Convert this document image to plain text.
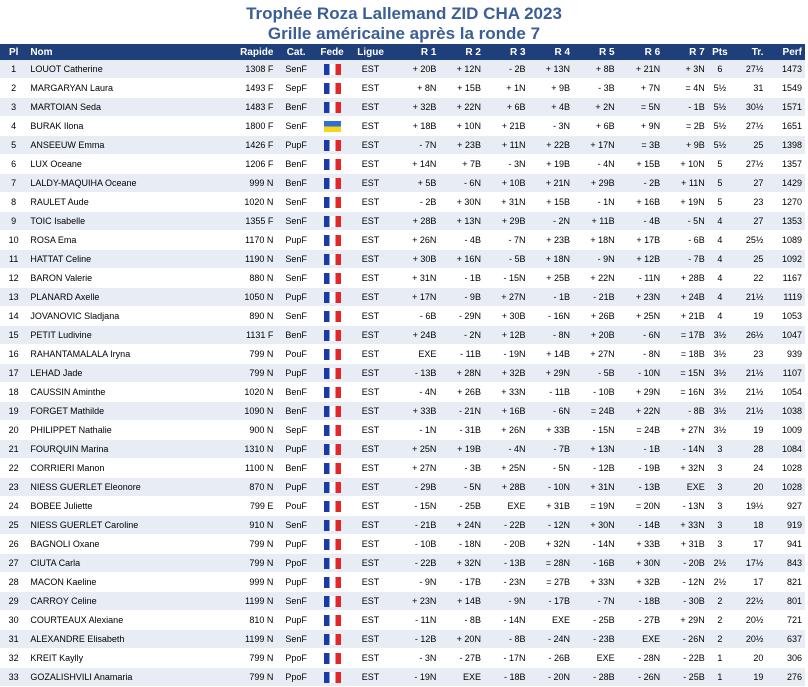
Trophée Roza Lallemand ZID CHA 2023
Grille américaine après la ronde 7
Pl	Nom	Rapide	Cat.	Fede	Ligue	R 1	R 2	R 3	R 4	R 5	R 6	R 7	Pts	Tr.	Perf
1	LOUOT Catherine	1308 F	SenF		EST	+ 20B	+ 12N	- 2B	+ 13N	+ 8B	+ 21N	+ 3N	6	27½	1473
2	MARGARYAN Laura	1493 F	SepF		EST	+ 8N	+ 15B	+ 1N	+ 9B	- 3B	+ 7N	= 4N	5½	31	1549
3	MARTOIAN Seda	1483 F	BenF		EST	+ 32B	+ 22N	+ 6B	+ 4B	+ 2N	= 5N	- 1B	5½	30½	1571
4	BURAK Ilona	1800 F	SenF		EST	+ 18B	+ 10N	+ 21B	- 3N	+ 6B	+ 9N	= 2B	5½	27½	1651
5	ANSEEUW Emma	1426 F	PupF		EST	- 7N	+ 23B	+ 11N	+ 22B	+ 17N	= 3B	+ 9B	5½	25	1398
6	LUX Oceane	1206 F	BenF		EST	+ 14N	+ 7B	- 3N	+ 19B	- 4N	+ 15B	+ 10N	5	27½	1357
7	LALDY-MAQUIHA Oceane	999 N	BenF		EST	+ 5B	- 6N	+ 10B	+ 21N	+ 29B	- 2B	+ 11N	5	27	1429
8	RAULET Aude	1020 N	SenF		EST	- 2B	+ 30N	+ 31N	+ 15B	- 1N	+ 16B	+ 19N	5	23	1270
9	TOIC Isabelle	1355 F	SenF		EST	+ 28B	+ 13N	+ 29B	- 2N	+ 11B	- 4B	- 5N	4	27	1353
10	ROSA Ema	1170 N	PupF		EST	+ 26N	- 4B	- 7N	+ 23B	+ 18N	+ 17B	- 6B	4	25½	1089
11	HATTAT Celine	1190 N	SenF		EST	+ 30B	+ 16N	- 5B	+ 18N	- 9N	+ 12B	- 7B	4	25	1092
12	BARON Valerie	880 N	SenF		EST	+ 31N	- 1B	- 15N	+ 25B	+ 22N	- 11N	+ 28B	4	22	1167
13	PLANARD Axelle	1050 N	PupF		EST	+ 17N	- 9B	+ 27N	- 1B	- 21B	+ 23N	+ 24B	4	21½	1119
14	JOVANOVIC Sladjana	890 N	SenF		EST	- 6B	- 29N	+ 30B	- 16N	+ 26B	+ 25N	+ 21B	4	19	1053
15	PETIT Ludivine	1131 F	BenF		EST	+ 24B	- 2N	+ 12B	- 8N	+ 20B	- 6N	= 17B	3½	26½	1047
16	RAHANTAMALALA Iryna	799 N	PouF		EST	EXE	- 11B	- 19N	+ 14B	+ 27N	- 8N	= 18B	3½	23	939
17	LEHAD Jade	799 N	PupF		EST	- 13B	+ 28N	+ 32B	+ 29N	- 5B	- 10N	= 15N	3½	21½	1107
18	CAUSSIN Aminthe	1020 N	BenF		EST	- 4N	+ 26B	+ 33N	- 11B	- 10B	+ 29N	= 16N	3½	21½	1054
19	FORGET Mathilde	1090 N	BenF		EST	+ 33B	- 21N	+ 16B	- 6N	= 24B	+ 22N	- 8B	3½	21½	1038
20	PHILIPPET Nathalie	900 N	SepF		EST	- 1N	- 31B	+ 26N	+ 33B	- 15N	= 24B	+ 27N	3½	19	1009
21	FOURQUIN Marina	1310 N	PupF		EST	+ 25N	+ 19B	- 4N	- 7B	+ 13N	- 1B	- 14N	3	28	1084
22	CORRIERI Manon	1100 N	BenF		EST	+ 27N	- 3B	+ 25N	- 5N	- 12B	- 19B	+ 32N	3	24	1028
23	NIESS GUERLET Eleonore	870 N	PupF		EST	- 29B	- 5N	+ 28B	- 10N	+ 31N	- 13B	EXE	3	20	1028
24	BOBEE Juliette	799 E	PouF		EST	- 15N	- 25B	EXE	+ 31B	= 19N	= 20N	- 13N	3	19½	927
25	NIESS GUERLET Caroline	910 N	SenF		EST	- 21B	+ 24N	- 22B	- 12N	+ 30N	- 14B	+ 33N	3	18	919
26	BAGNOLI Oxane	799 N	PupF		EST	- 10B	- 18N	- 20B	+ 32N	- 14N	+ 33B	+ 31B	3	17	941
27	CIUTA Carla	799 N	PpoF		EST	- 22B	+ 32N	- 13B	= 28N	- 16B	+ 30N	- 20B	2½	17½	843
28	MACON Kaeline	999 N	PupF		EST	- 9N	- 17B	- 23N	= 27B	+ 33N	+ 32B	- 12N	2½	17	821
29	CARROY Celine	1199 N	SenF		EST	+ 23N	+ 14B	- 9N	- 17B	- 7N	- 18B	- 30B	2	22½	801
30	COURTEAUX Alexiane	810 N	PupF		EST	- 11N	- 8B	- 14N	EXE	- 25B	- 27B	+ 29N	2	20½	721
31	ALEXANDRE Elisabeth	1199 N	SenF		EST	- 12B	+ 20N	- 8B	- 24N	- 23B	EXE	- 26N	2	20½	637
32	KREIT Kaylly	799 N	PpoF		EST	- 3N	- 27B	- 17N	- 26B	EXE	- 28N	- 22B	1	20	306
33	GOZALISHVILI Anamaria	799 N	PpoF		EST	- 19N	EXE	- 18B	- 20N	- 28B	- 26N	- 25B	1	19	276
